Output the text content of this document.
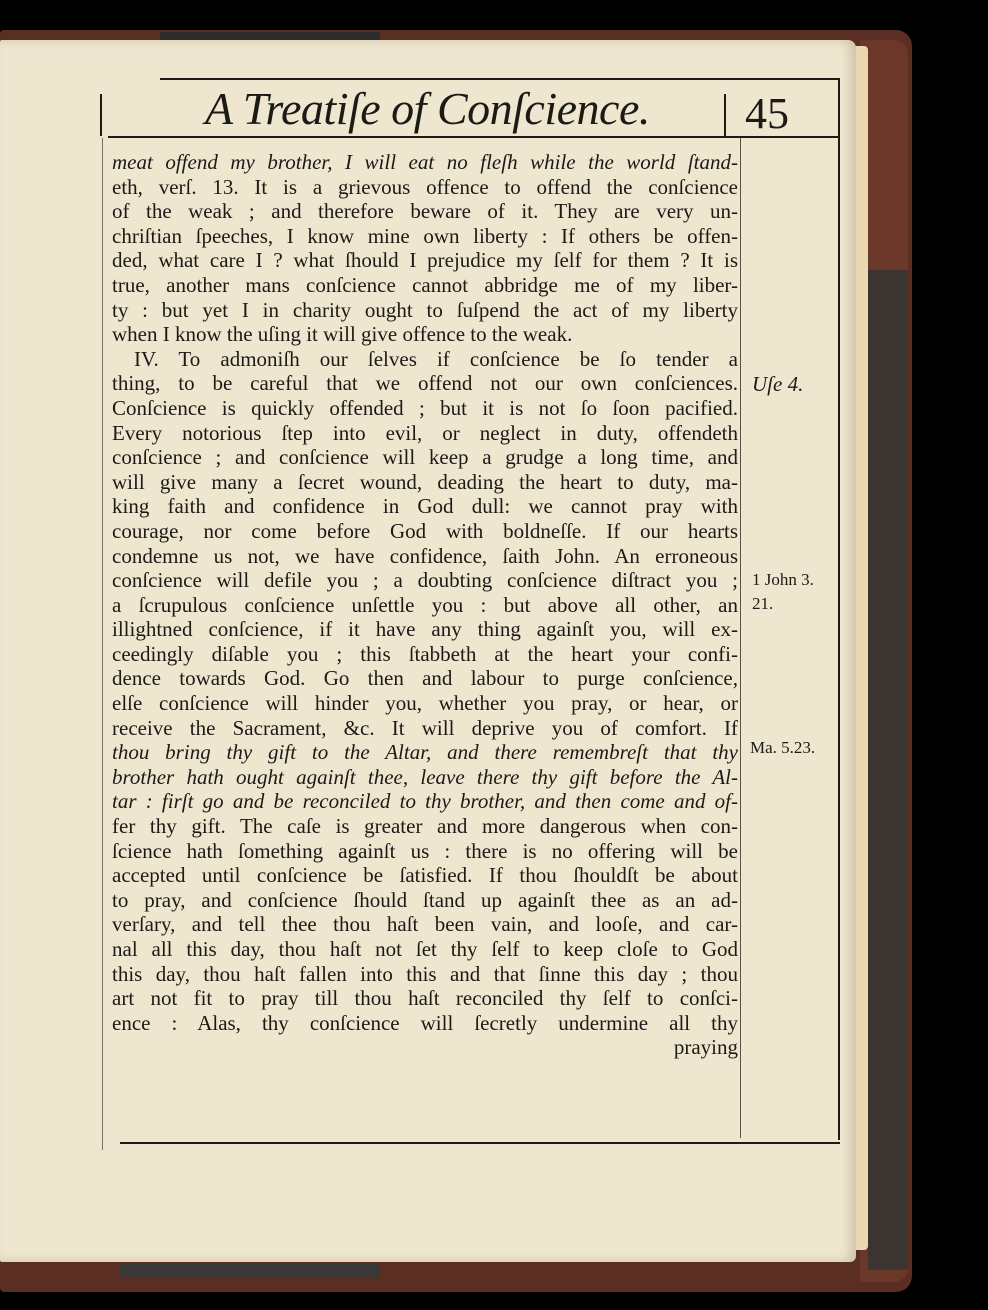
A Treatiſe of Conſcience. 45
meat offend my brother, I will eat no fleſh while the world ſtand-
eth, verſ. 13. It is a grievous offence to offend the conſcience
of the weak ; and therefore beware of it. They are very un-
chriſtian ſpeeches, I know mine own liberty : If others be offen-
ded, what care I ? what ſhould I prejudice my ſelf for them ? It is
true, another mans conſcience cannot abbridge me of my liber-
ty : but yet I in charity ought to ſuſpend the act of my liberty
when I know the uſing it will give offence to the weak.
IV. To admoniſh our ſelves if conſcience be ſo tender a
thing, to be careful that we offend not our own conſciences.
Conſcience is quickly offended ; but it is not ſo ſoon pacified.
Every notorious ſtep into evil, or neglect in duty, offendeth
conſcience ; and conſcience will keep a grudge a long time, and
will give many a ſecret wound, deading the heart to duty, ma-
king faith and confidence in God dull: we cannot pray with
courage, nor come before God with boldneſſe. If our hearts
condemne us not, we have confidence, ſaith John. An erroneous
conſcience will defile you ; a doubting conſcience diſtract you ;
a ſcrupulous conſcience unſettle you : but above all other, an
illightned conſcience, if it have any thing againſt you, will ex-
ceedingly diſable you ; this ſtabbeth at the heart your confi-
dence towards God. Go then and labour to purge conſcience,
elſe conſcience will hinder you, whether you pray, or hear, or
receive the Sacrament, &c. It will deprive you of comfort. If
thou bring thy gift to the Altar, and there remembreſt that thy
brother hath ought againſt thee, leave there thy gift before the Al-
tar : firſt go and be reconciled to thy brother, and then come and of-
fer thy gift. The caſe is greater and more dangerous when con-
ſcience hath ſomething againſt us : there is no offering will be
accepted until conſcience be ſatisfied. If thou ſhouldſt be about
to pray, and conſcience ſhould ſtand up againſt thee as an ad-
verſary, and tell thee thou haſt been vain, and looſe, and car-
nal all this day, thou haſt not ſet thy ſelf to keep cloſe to God
this day, thou haſt fallen into this and that ſinne this day ; thou
art not fit to pray till thou haſt reconciled thy ſelf to conſci-
ence : Alas, thy conſcience will ſecretly undermine all thy
praying
Uſe 4.
1 John 3.
21.
Ma. 5.23.
